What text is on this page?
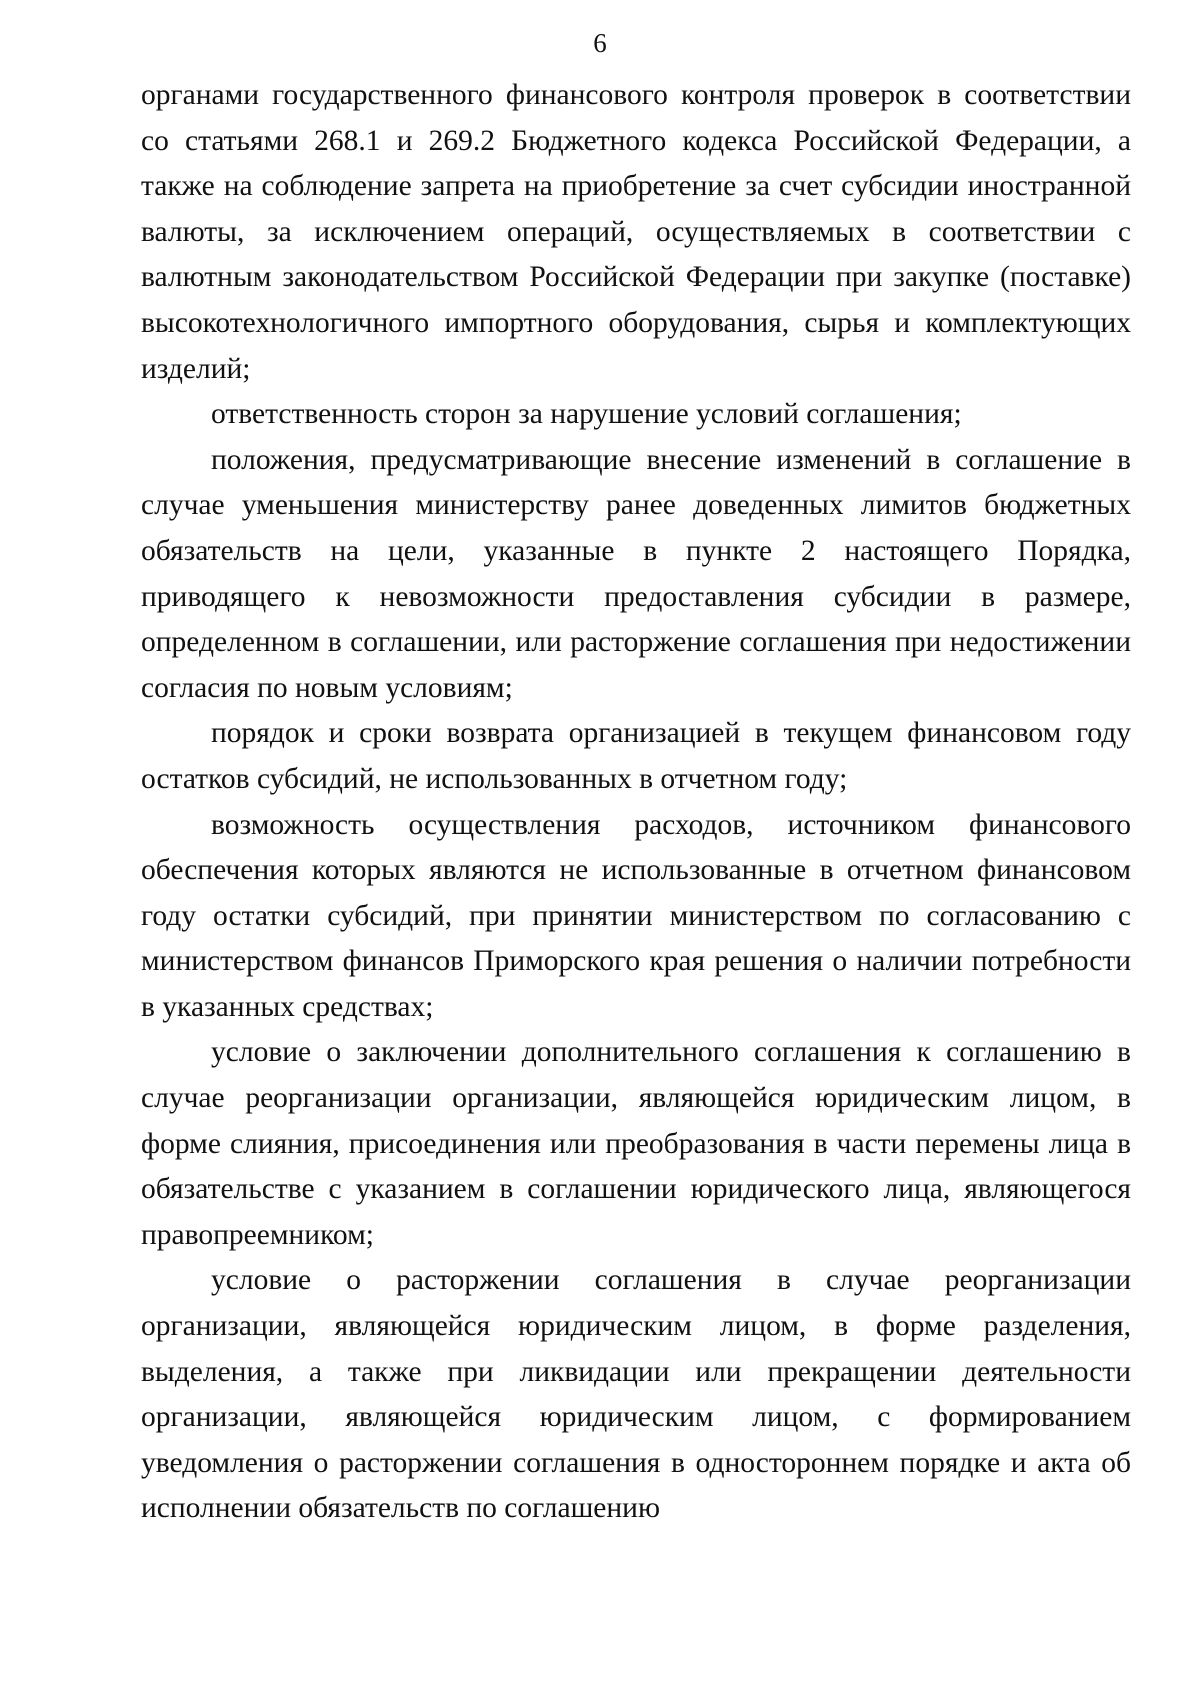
6

органами государственного финансового контроля проверок в соответствии со статьями 268.1 и 269.2 Бюджетного кодекса Российской Федерации, а также на соблюдение запрета на приобретение за счет субсидии иностранной валюты, за исключением операций, осуществляемых в соответствии с валютным законодательством Российской Федерации при закупке (поставке) высокотехнологичного импортного оборудования, сырья и комплектующих изделий;

ответственность сторон за нарушение условий соглашения;

положения, предусматривающие внесение изменений в соглашение в случае уменьшения министерству ранее доведенных лимитов бюджетных обязательств на цели, указанные в пункте 2 настоящего Порядка, приводящего к невозможности предоставления субсидии в размере, определенном в соглашении, или расторжение соглашения при недостижении согласия по новым условиям;

порядок и сроки возврата организацией в текущем финансовом году остатков субсидий, не использованных в отчетном году;

возможность осуществления расходов, источником финансового обеспечения которых являются не использованные в отчетном финансовом году остатки субсидий, при принятии министерством по согласованию с министерством финансов Приморского края решения о наличии потребности в указанных средствах;

условие о заключении дополнительного соглашения к соглашению в случае реорганизации организации, являющейся юридическим лицом, в форме слияния, присоединения или преобразования в части перемены лица в обязательстве с указанием в соглашении юридического лица, являющегося правопреемником;

условие о расторжении соглашения в случае реорганизации организации, являющейся юридическим лицом, в форме разделения, выделения, а также при ликвидации или прекращении деятельности организации, являющейся юридическим лицом, с формированием уведомления о расторжении соглашения в одностороннем порядке и акта об исполнении обязательств по соглашению
